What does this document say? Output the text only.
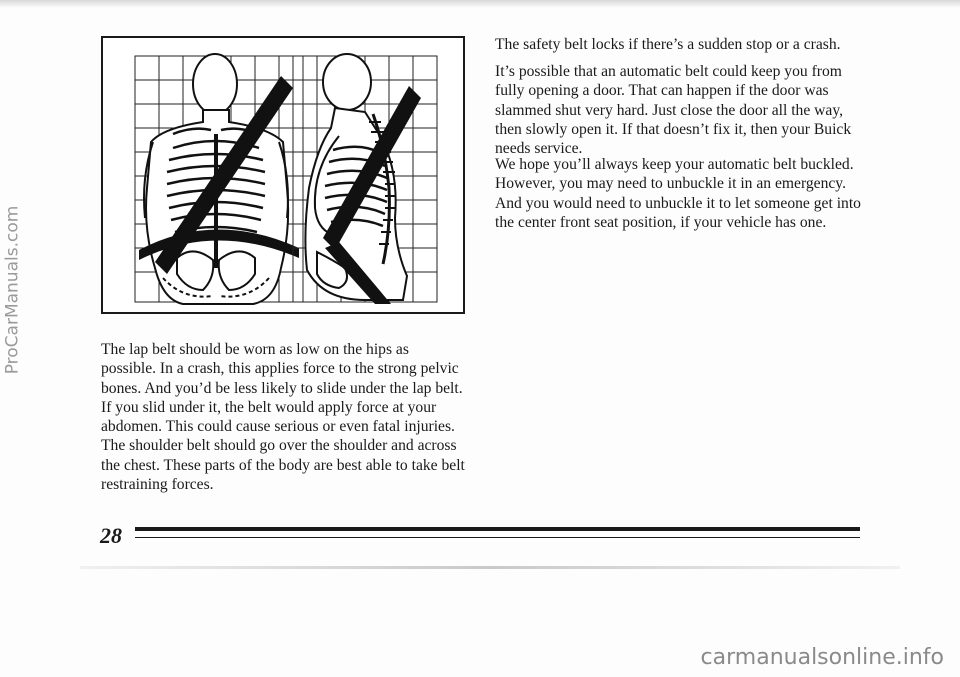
The lap belt should be worn as low on the hips as possible. In a crash, this applies force to the strong pelvic bones. And you’d be less likely to slide under the lap belt. If you slid under it, the belt would apply force at your abdomen. This could cause serious or even fatal injuries. The shoulder belt should go over the shoulder and across the chest. These parts of the body are best able to take belt restraining forces.

The safety belt locks if there’s a sudden stop or a crash.

It’s possible that an automatic belt could keep you from fully opening a door. That can happen if the door was slammed shut very hard. Just close the door all the way, then slowly open it. If that doesn’t fix it, then your Buick needs service.

We hope you’ll always keep your automatic belt buckled. However, you may need to unbuckle it in an emergency. And you would need to unbuckle it to let someone get into the center front seat position, if your vehicle has one.

28
ProCarManuals.com
carmanualsonline.info
